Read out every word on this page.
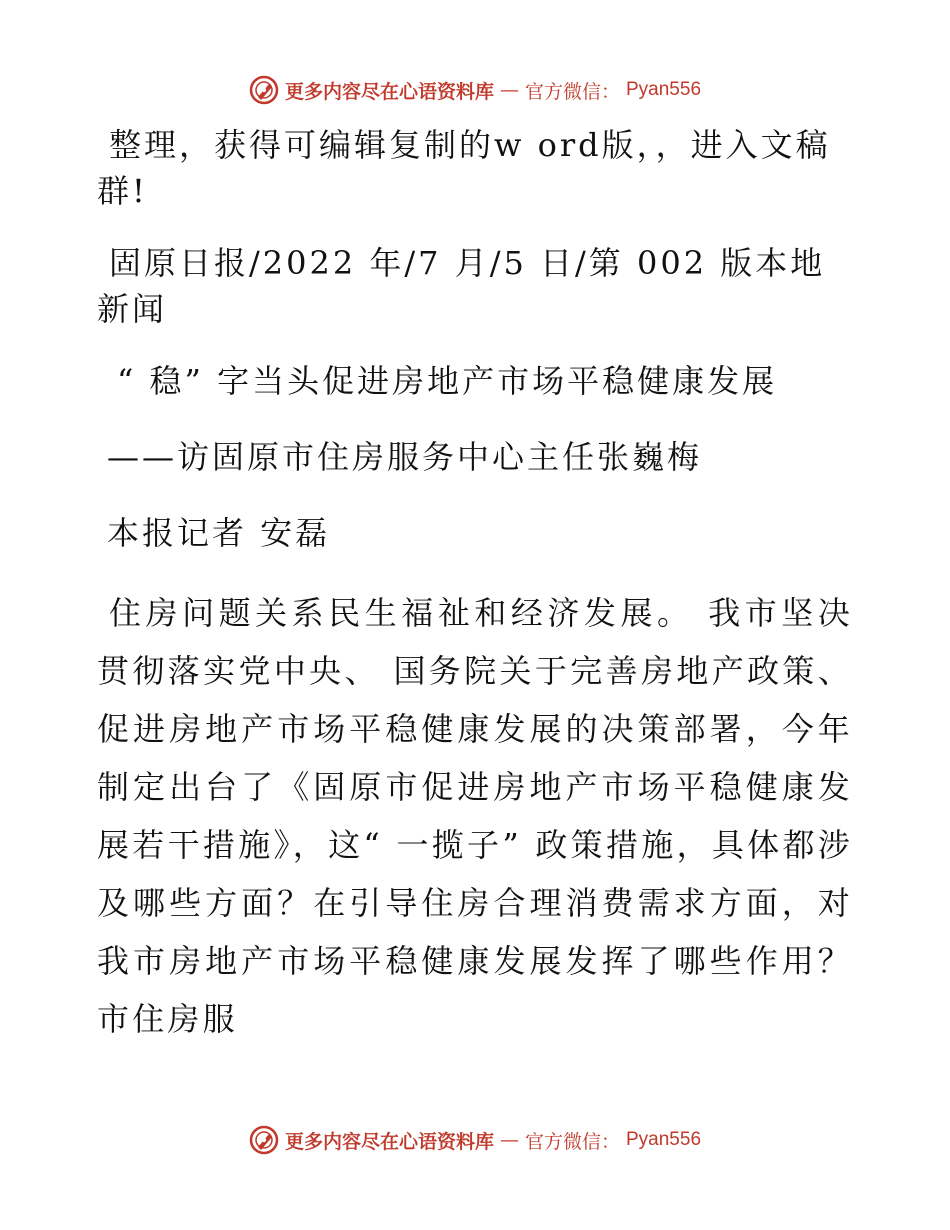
更多内容尽在心语资料库 — 官方微信： Pyan556

整理，获得可编辑复制的w ord版，，进入文稿群!

固原日报/2022 年/7 月/5 日/第 002 版本地新闻

“ 稳” 字当头促进房地产市场平稳健康发展

——访固原市住房服务中心主任张巍梅

本报记者 安磊

住房问题关系民生福祉和经济发展。 我市坚决贯彻落实党中央、 国务院关于完善房地产政策、促进房地产市场平稳健康发展的决策部署，今年制定出台了《固原市促进房地产市场平稳健康发展若干措施》，这“ 一揽子” 政策措施，具体都涉及哪些方面？在引导住房合理消费需求方面，对我市房地产市场平稳健康发展发挥了哪些作用？市住房服

更多内容尽在心语资料库 — 官方微信： Pyan556
